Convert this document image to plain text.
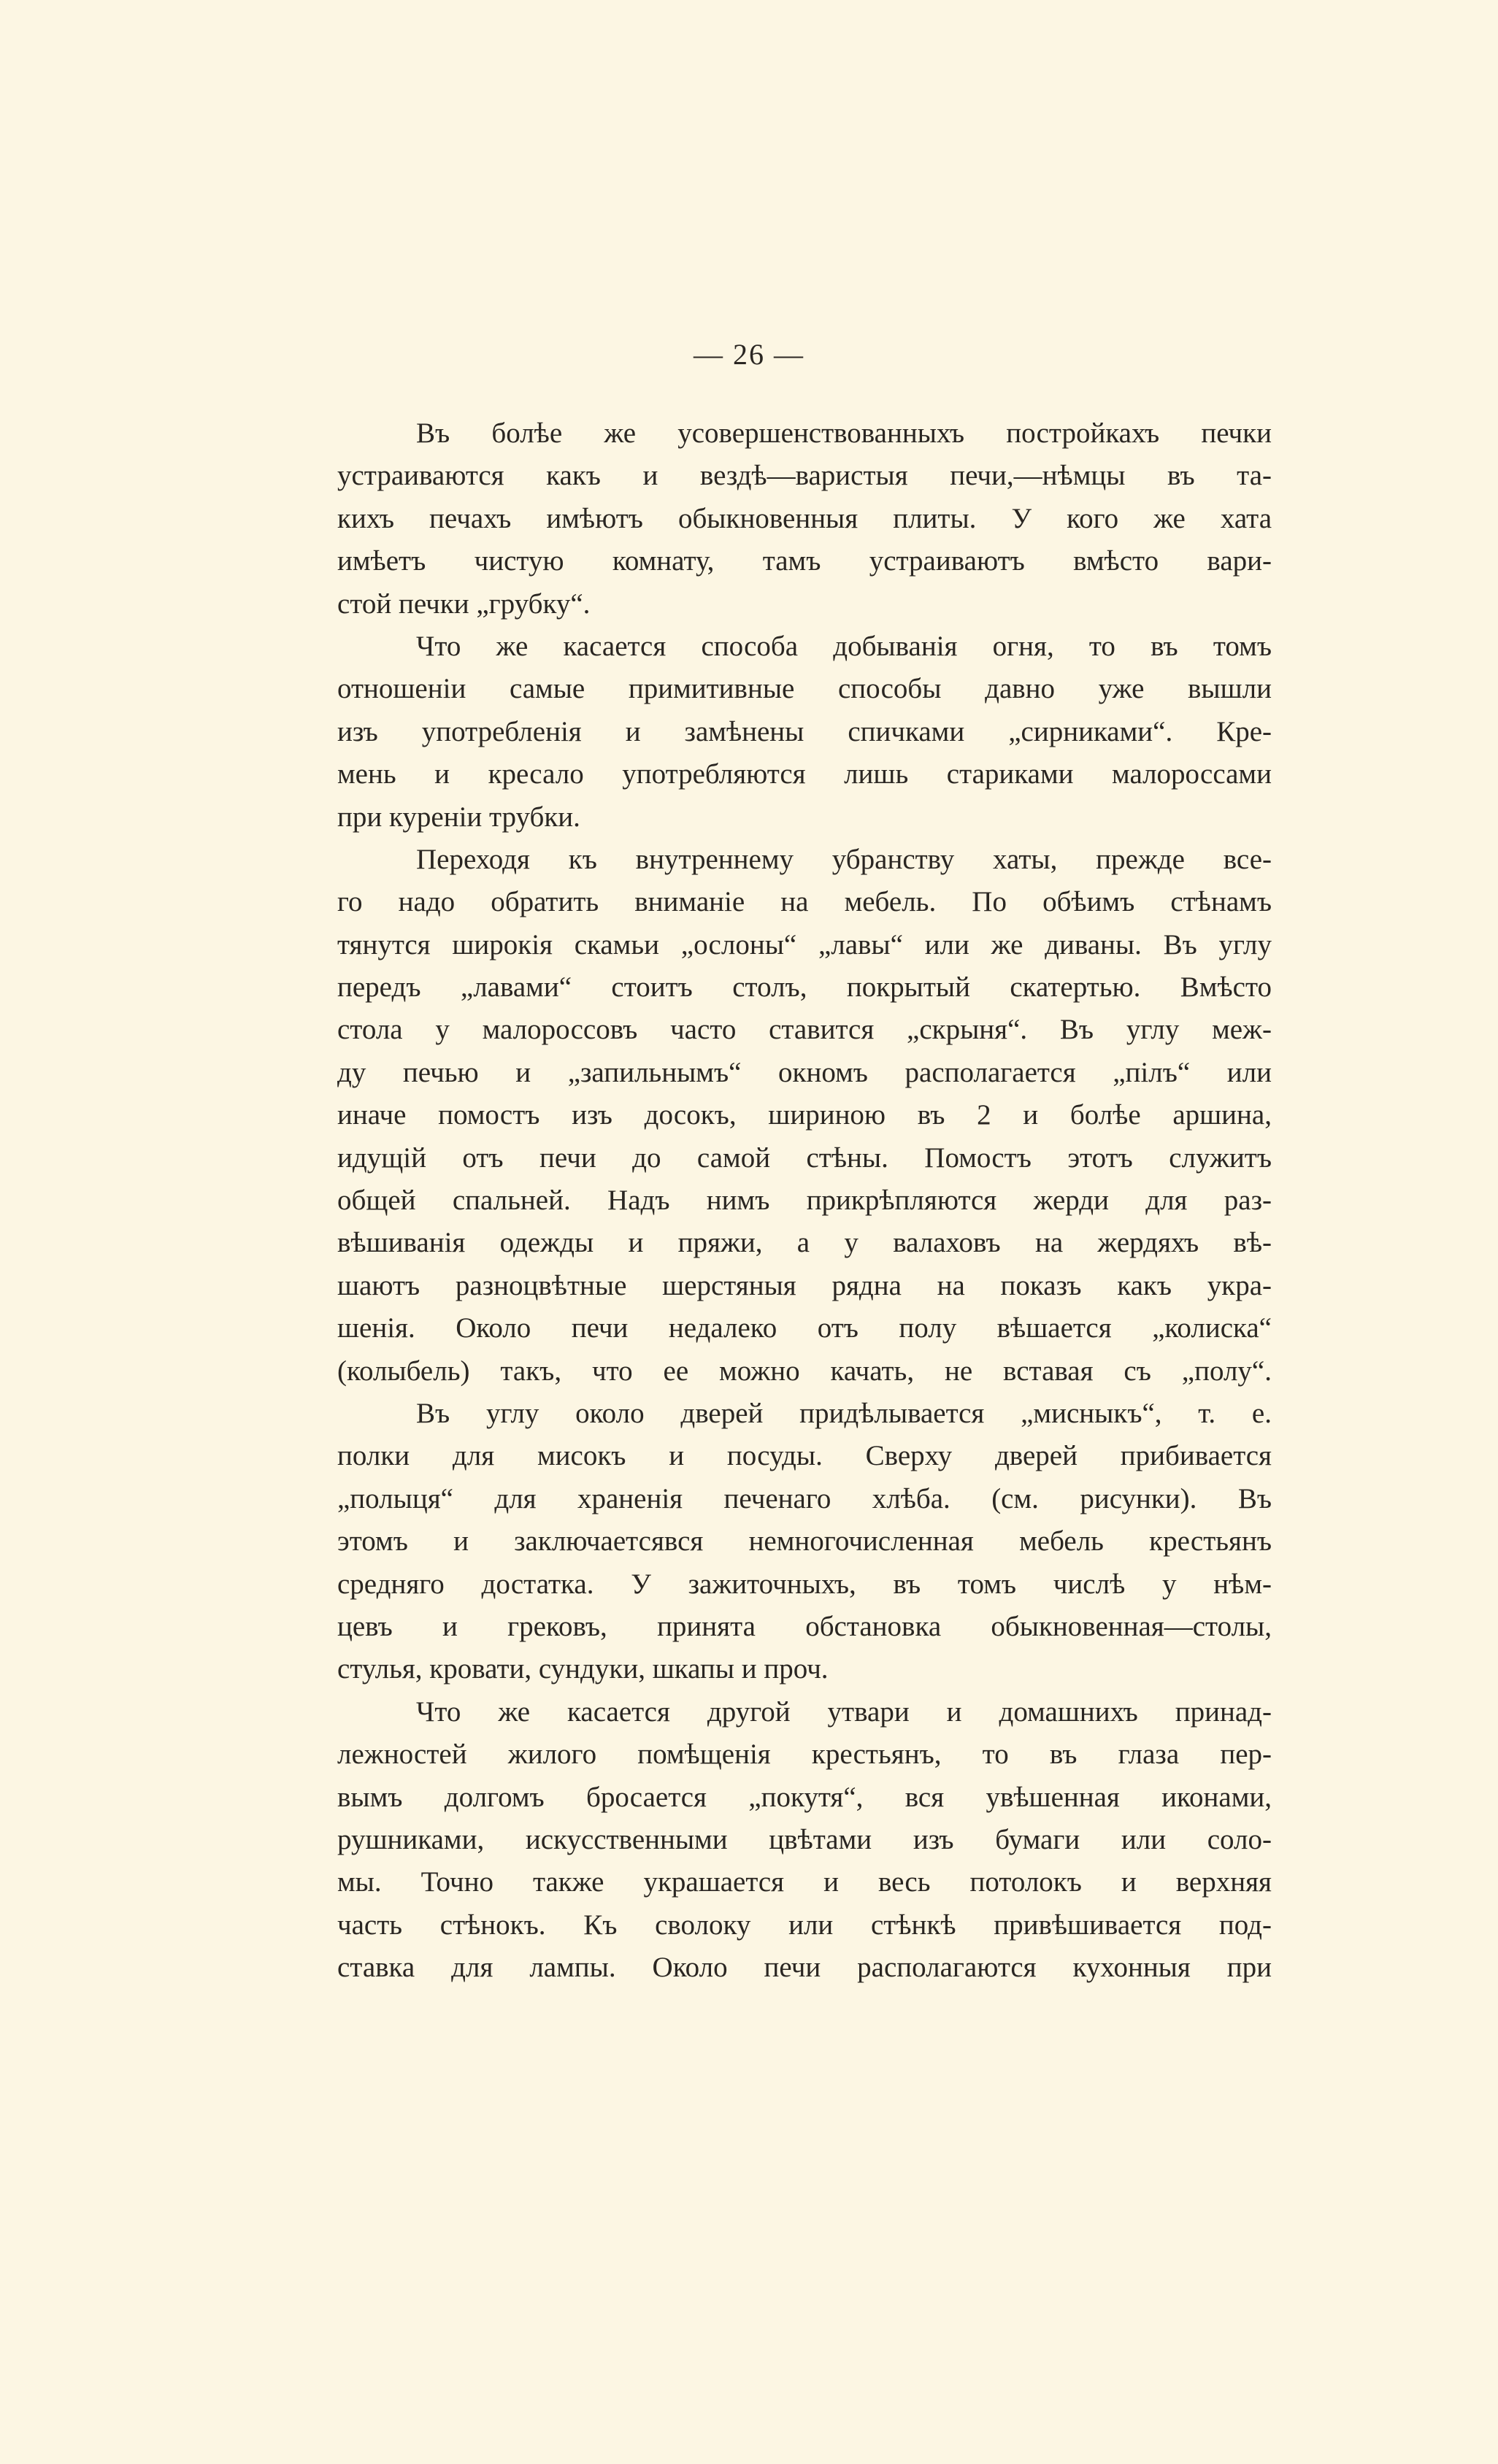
— 26 —
Въ болѣе же усовершенствованныхъ постройкахъ печки
устраиваются какъ и вездѣ—варистыя печи,—нѣмцы въ та-
кихъ печахъ имѣютъ обыкновенныя плиты. У кого же хата
имѣетъ чистую комнату, тамъ устраиваютъ вмѣсто вари-
стой печки „грубку“.
Что же касается способа добыванія огня, то въ томъ
отношеніи самые примитивные способы давно уже вышли
изъ употребленія и замѣнены спичками „сирниками“. Кре-
мень и кресало употребляются лишь стариками малороссами
при куреніи трубки.
Переходя къ внутреннему убранству хаты, прежде все-
го надо обратить вниманіе на мебель. По обѣимъ стѣнамъ
тянутся широкія скамьи „ослоны“ „лавы“ или же диваны. Въ углу
передъ „лавами“ стоитъ столъ, покрытый скатертью. Вмѣсто
стола у малороссовъ часто ставится „скрыня“. Въ углу меж-
ду печью и „запильнымъ“ окномъ располагается „пілъ“ или
иначе помостъ изъ досокъ, шириною въ 2 и болѣе аршина,
идущій отъ печи до самой стѣны. Помостъ этотъ служитъ
общей спальней. Надъ нимъ прикрѣпляются жерди для раз-
вѣшиванія одежды и пряжи, а у валаховъ на жердяхъ вѣ-
шаютъ разноцвѣтные шерстяныя рядна на показъ какъ укра-
шенія. Около печи недалеко отъ полу вѣшается „колиска“
(колыбель) такъ, что ее можно качать, не вставая съ „полу“.
Въ углу около дверей придѣлывается „мисныкъ“, т. е.
полки для мисокъ и посуды. Сверху дверей прибивается
„полыця“ для храненія печенаго хлѣба. (см. рисунки). Въ
этомъ и заключаетсявся немногочисленная мебель крестьянъ
средняго достатка. У зажиточныхъ, въ томъ числѣ у нѣм-
цевъ и грековъ, принята обстановка обыкновенная—столы,
стулья, кровати, сундуки, шкапы и проч.
Что же касается другой утвари и домашнихъ принад-
лежностей жилого помѣщенія крестьянъ, то въ глаза пер-
вымъ долгомъ бросается „покутя“, вся увѣшенная иконами,
рушниками, искусственными цвѣтами изъ бумаги или соло-
мы. Точно также украшается и весь потолокъ и верхняя
часть стѣнокъ. Къ сволоку или стѣнкѣ привѣшивается под-
ставка для лампы. Около печи располагаются кухонныя при
